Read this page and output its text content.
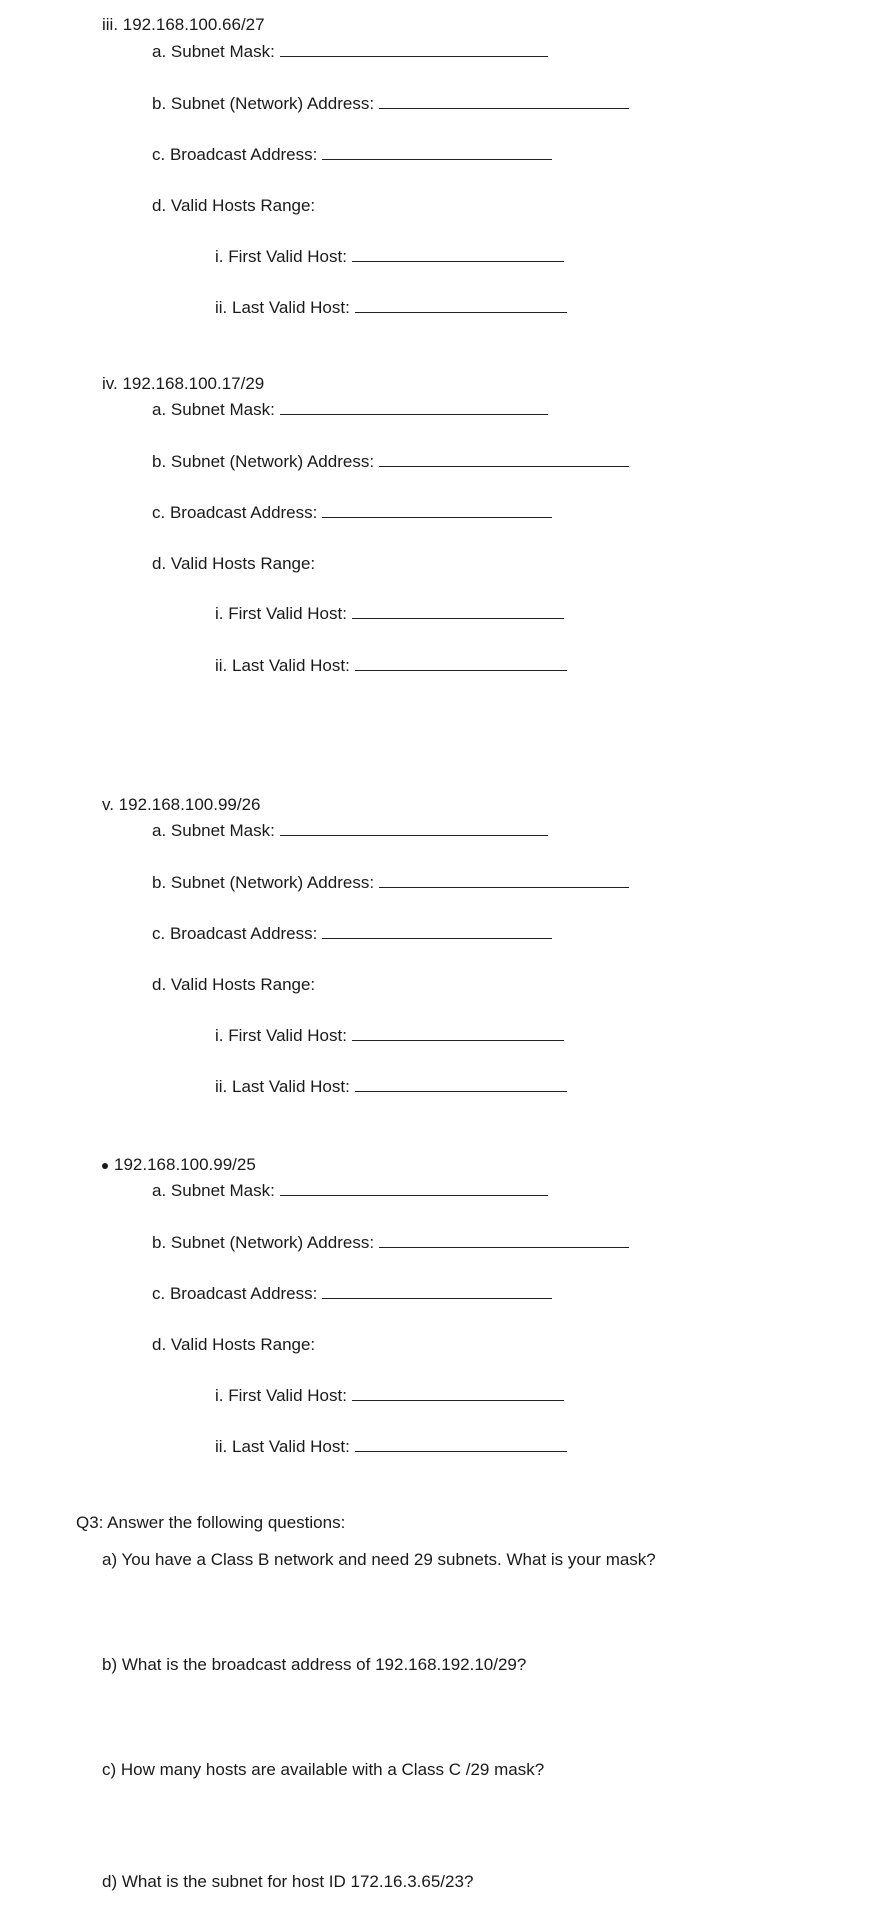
iii. 192.168.100.66/27
a. Subnet Mask:
b. Subnet (Network) Address:
c. Broadcast Address:
d. Valid Hosts Range:
i. First Valid Host:
ii. Last Valid Host:
iv. 192.168.100.17/29
a. Subnet Mask:
b. Subnet (Network) Address:
c. Broadcast Address:
d. Valid Hosts Range:
i. First Valid Host:
ii. Last Valid Host:
v. 192.168.100.99/26
a. Subnet Mask:
b. Subnet (Network) Address:
c. Broadcast Address:
d. Valid Hosts Range:
i. First Valid Host:
ii. Last Valid Host:
192.168.100.99/25
a. Subnet Mask:
b. Subnet (Network) Address:
c. Broadcast Address:
d. Valid Hosts Range:
i. First Valid Host:
ii. Last Valid Host:
Q3: Answer the following questions:
a) You have a Class B network and need 29 subnets. What is your mask?
b) What is the broadcast address of 192.168.192.10/29?
c) How many hosts are available with a Class C /29 mask?
d) What is the subnet for host ID 172.16.3.65/23?
